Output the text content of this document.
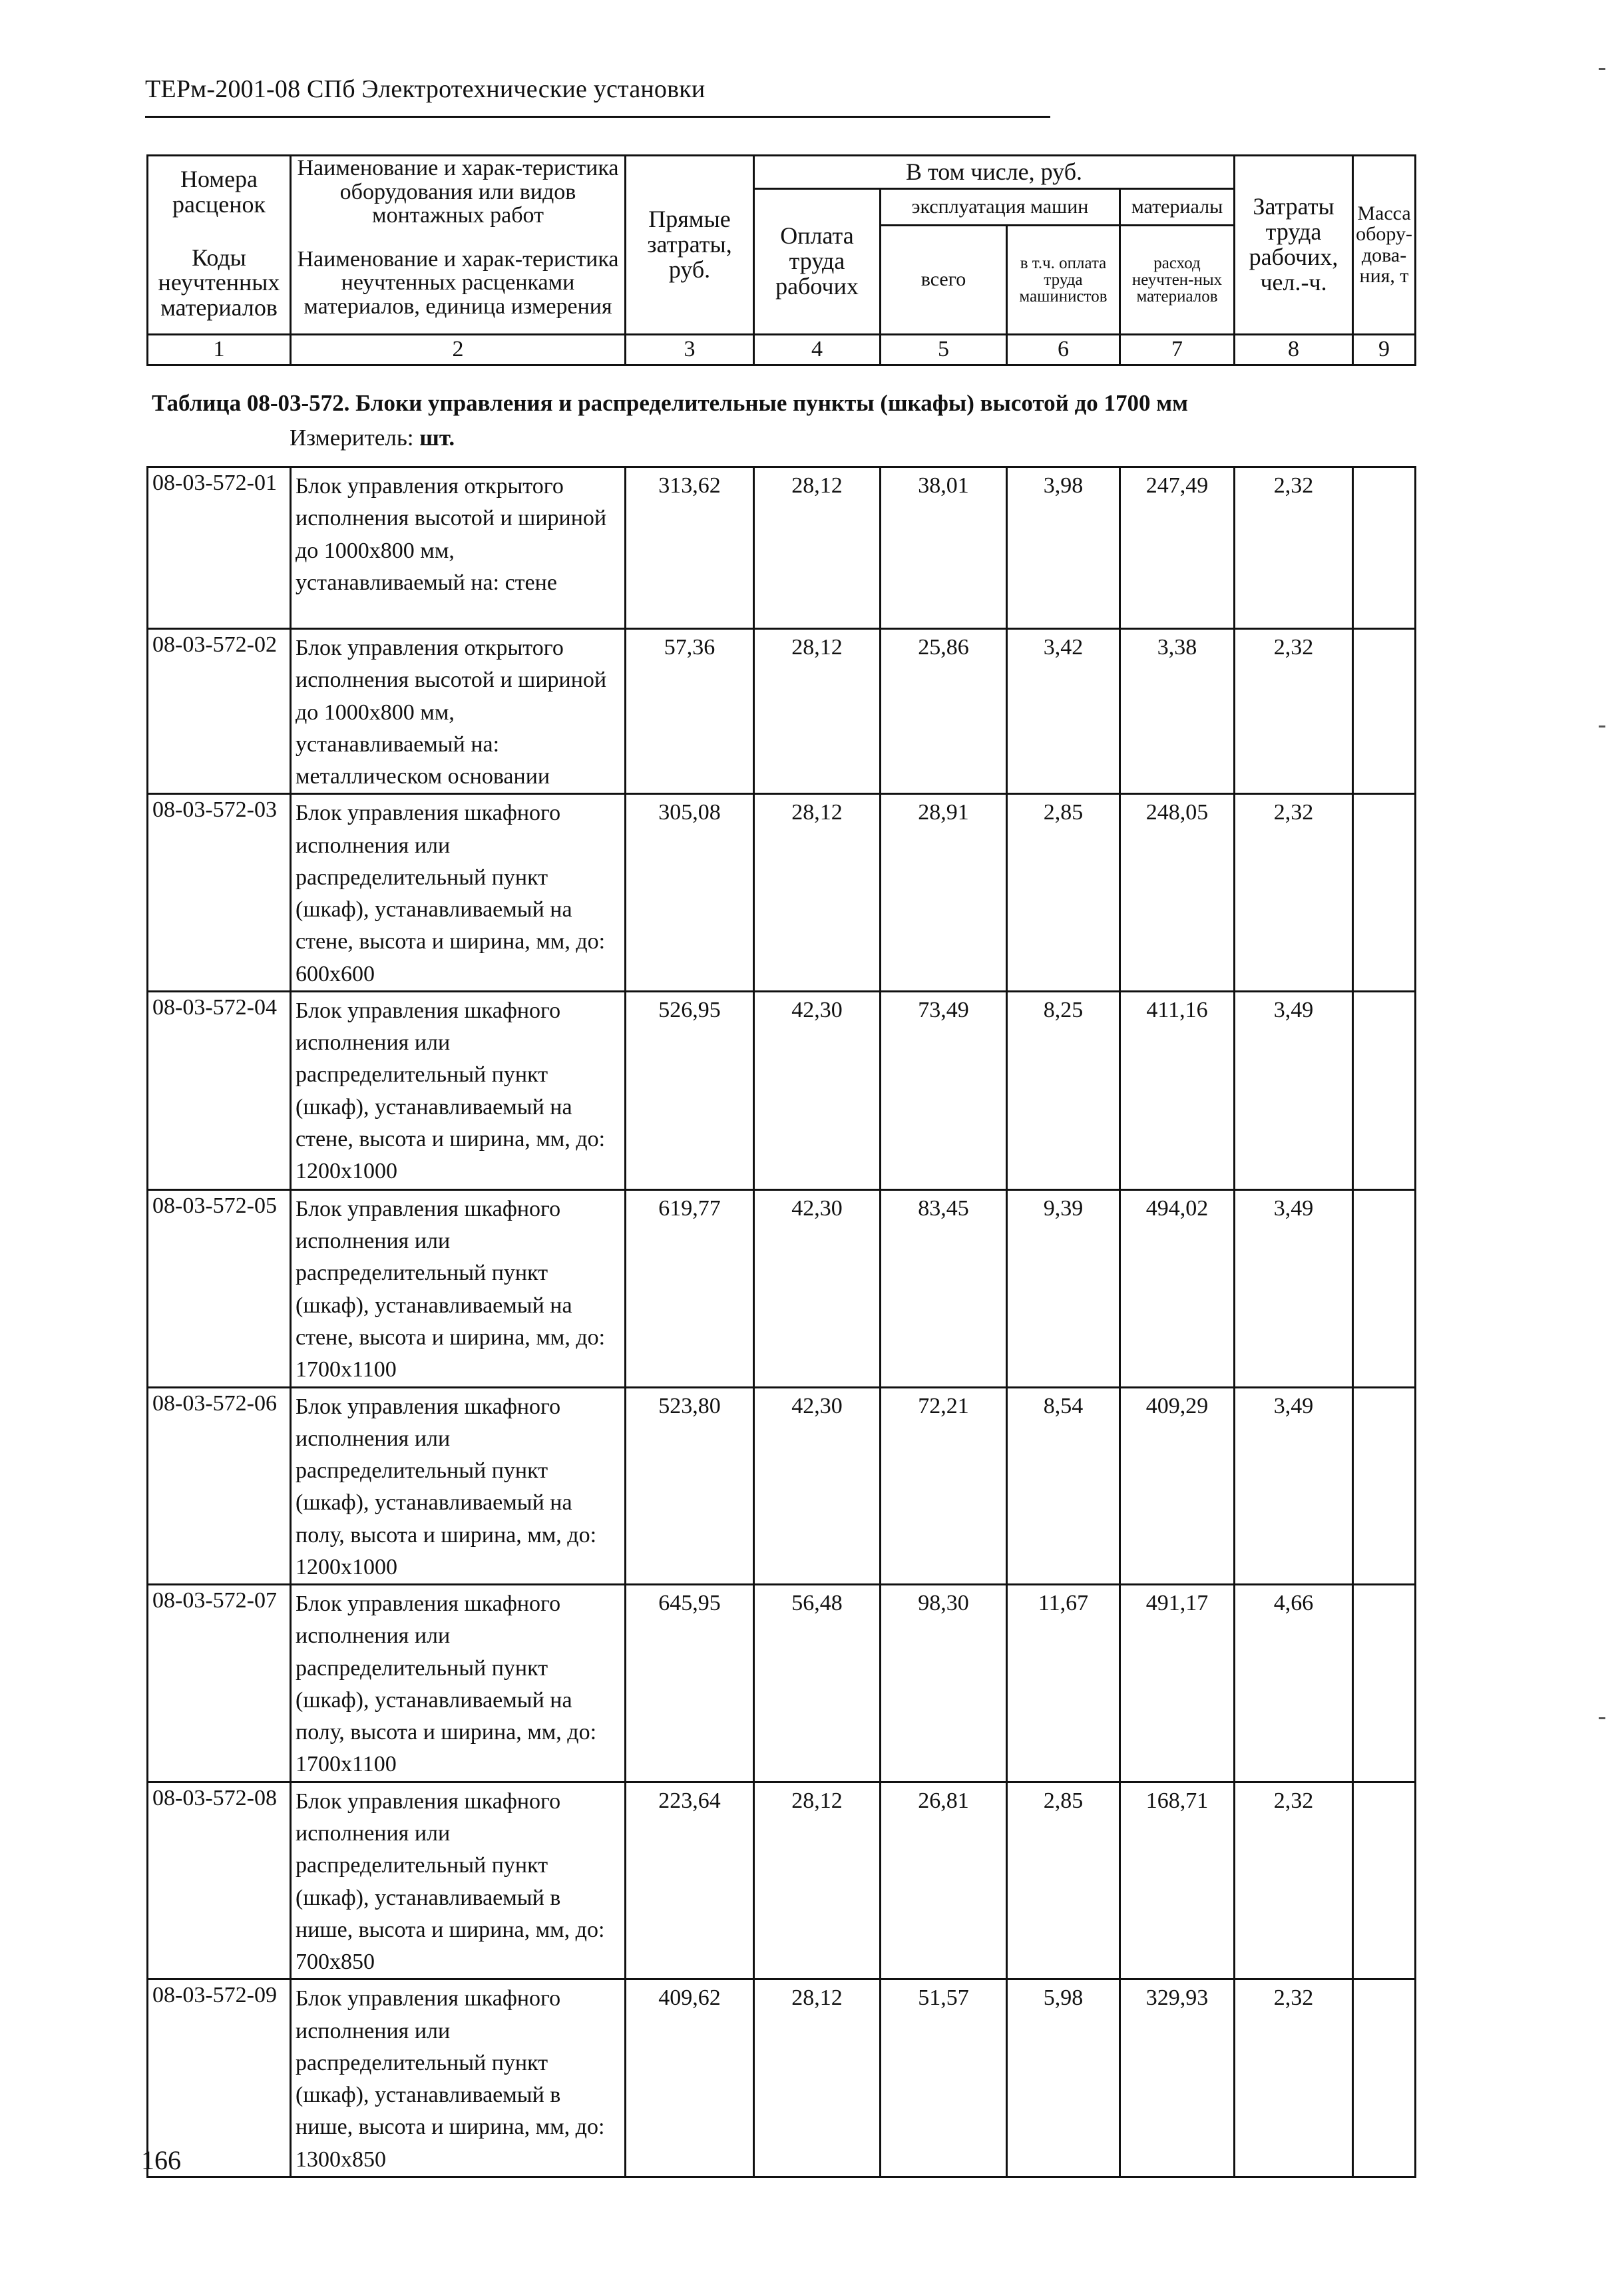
ТЕРм-2001-08 СПб Электротехнические установки
Номера расценок	Наименование и харак-теристика оборудования или видов монтажных работ	Прямые затраты, руб.	В том числе, руб.				Затраты труда рабочих, чел.-ч.	Масса обору-дова-ния, т
			Оплата труда рабочих	эксплуатация машин		материалы		
				всего	в т.ч. оплата труда машинистов	расход неучтен-ных материалов		

Коды неучтенных материалов	Наименование и харак-теристика неучтенных расценками материалов, единица измерения							

1	2	3	4	5	6	7	8	9
Таблица 08-03-572. Блоки управления и распределительные пункты (шкафы) высотой до 1700 мм
Измеритель: шт.
08-03-572-01	Блок управления открытого исполнения высотой и шириной до 1000х800 мм, устанавливаемый на: стене	313,62	28,12	38,01	3,98	247,49	2,32	
08-03-572-02	Блок управления открытого исполнения высотой и шириной до 1000х800 мм, устанавливаемый на: металлическом основании	57,36	28,12	25,86	3,42	3,38	2,32	
08-03-572-03	Блок управления шкафного исполнения или распределительный пункт (шкаф), устанавливаемый на стене, высота и ширина, мм, до: 600х600	305,08	28,12	28,91	2,85	248,05	2,32	
08-03-572-04	Блок управления шкафного исполнения или распределительный пункт (шкаф), устанавливаемый на стене, высота и ширина, мм, до: 1200х1000	526,95	42,30	73,49	8,25	411,16	3,49	
08-03-572-05	Блок управления шкафного исполнения или распределительный пункт (шкаф), устанавливаемый на стене, высота и ширина, мм, до: 1700х1100	619,77	42,30	83,45	9,39	494,02	3,49	
08-03-572-06	Блок управления шкафного исполнения или распределительный пункт (шкаф), устанавливаемый на полу, высота и ширина, мм, до: 1200х1000	523,80	42,30	72,21	8,54	409,29	3,49	
08-03-572-07	Блок управления шкафного исполнения или распределительный пункт (шкаф), устанавливаемый на полу, высота и ширина, мм, до: 1700х1100	645,95	56,48	98,30	11,67	491,17	4,66	
08-03-572-08	Блок управления шкафного исполнения или распределительный пункт (шкаф), устанавливаемый в нише, высота и ширина, мм, до: 700х850	223,64	28,12	26,81	2,85	168,71	2,32	
08-03-572-09	Блок управления шкафного исполнения или распределительный пункт (шкаф), устанавливаемый в нише, высота и ширина, мм, до: 1300х850	409,62	28,12	51,57	5,98	329,93	2,32	
166
